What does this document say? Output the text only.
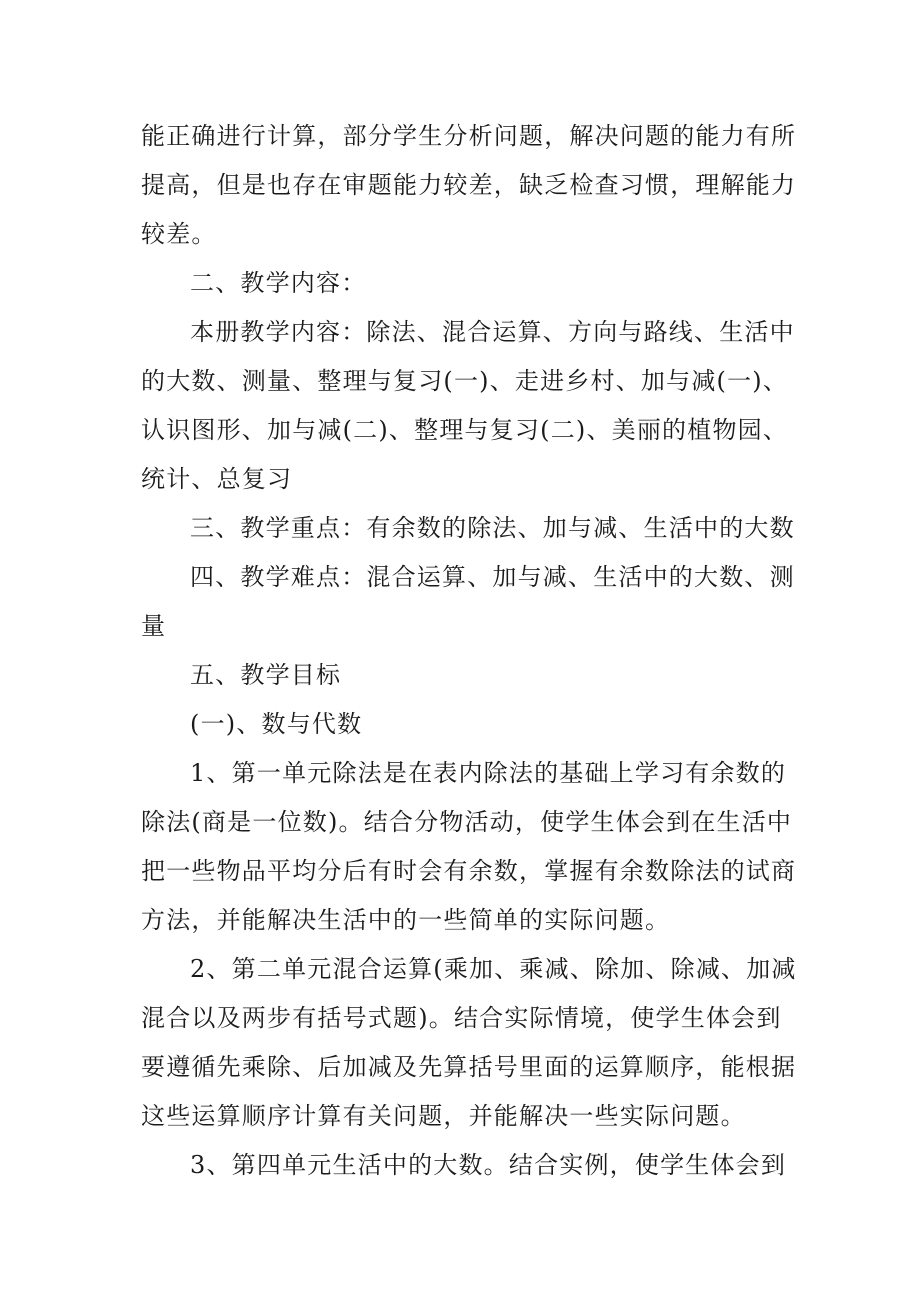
能正确进行计算，部分学生分析问题，解决问题的能力有所
提高，但是也存在审题能力较差，缺乏检查习惯，理解能力
较差。
二、教学内容：
本册教学内容：除法、混合运算、方向与路线、生活中
的大数、测量、整理与复习(一)、走进乡村、加与减(一)、
认识图形、加与减(二)、整理与复习(二)、美丽的植物园、
统计、总复习
三、教学重点：有余数的除法、加与减、生活中的大数
四、教学难点：混合运算、加与减、生活中的大数、测
量
五、教学目标
(一)、数与代数
1、第一单元除法是在表内除法的基础上学习有余数的
除法(商是一位数)。结合分物活动，使学生体会到在生活中
把一些物品平均分后有时会有余数，掌握有余数除法的试商
方法，并能解决生活中的一些简单的实际问题。
2、第二单元混合运算(乘加、乘减、除加、除减、加减
混合以及两步有括号式题)。结合实际情境，使学生体会到
要遵循先乘除、后加减及先算括号里面的运算顺序，能根据
这些运算顺序计算有关问题，并能解决一些实际问题。
3、第四单元生活中的大数。结合实例，使学生体会到
